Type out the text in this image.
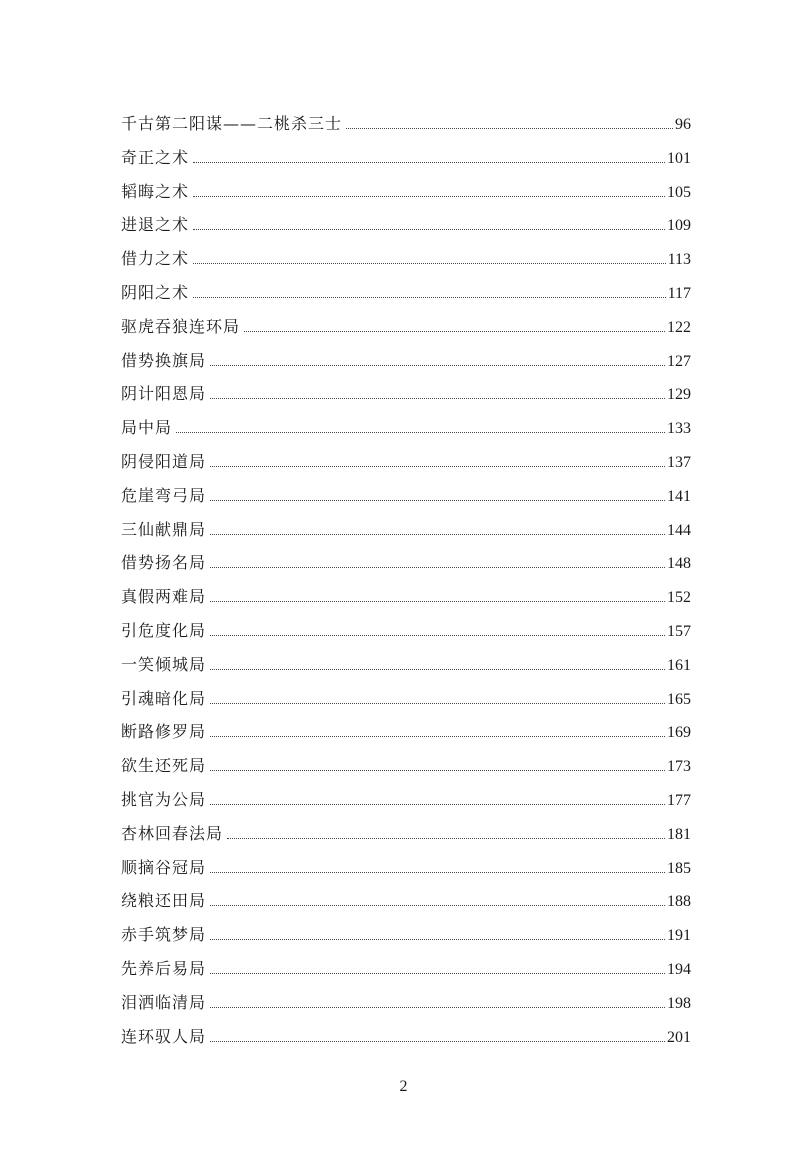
千古第二阳谋——二桃杀三士	96
奇正之术	101
韬晦之术	105
进退之术	109
借力之术	113
阴阳之术	117
驱虎吞狼连环局	122
借势换旗局	127
阴计阳恩局	129
局中局	133
阴侵阳道局	137
危崖弯弓局	141
三仙献鼎局	144
借势扬名局	148
真假两难局	152
引危度化局	157
一笑倾城局	161
引魂暗化局	165
断路修罗局	169
欲生还死局	173
挑官为公局	177
杏林回春法局	181
顺摘谷冠局	185
绕粮还田局	188
赤手筑梦局	191
先养后易局	194
泪洒临清局	198
连环驭人局	201
2
